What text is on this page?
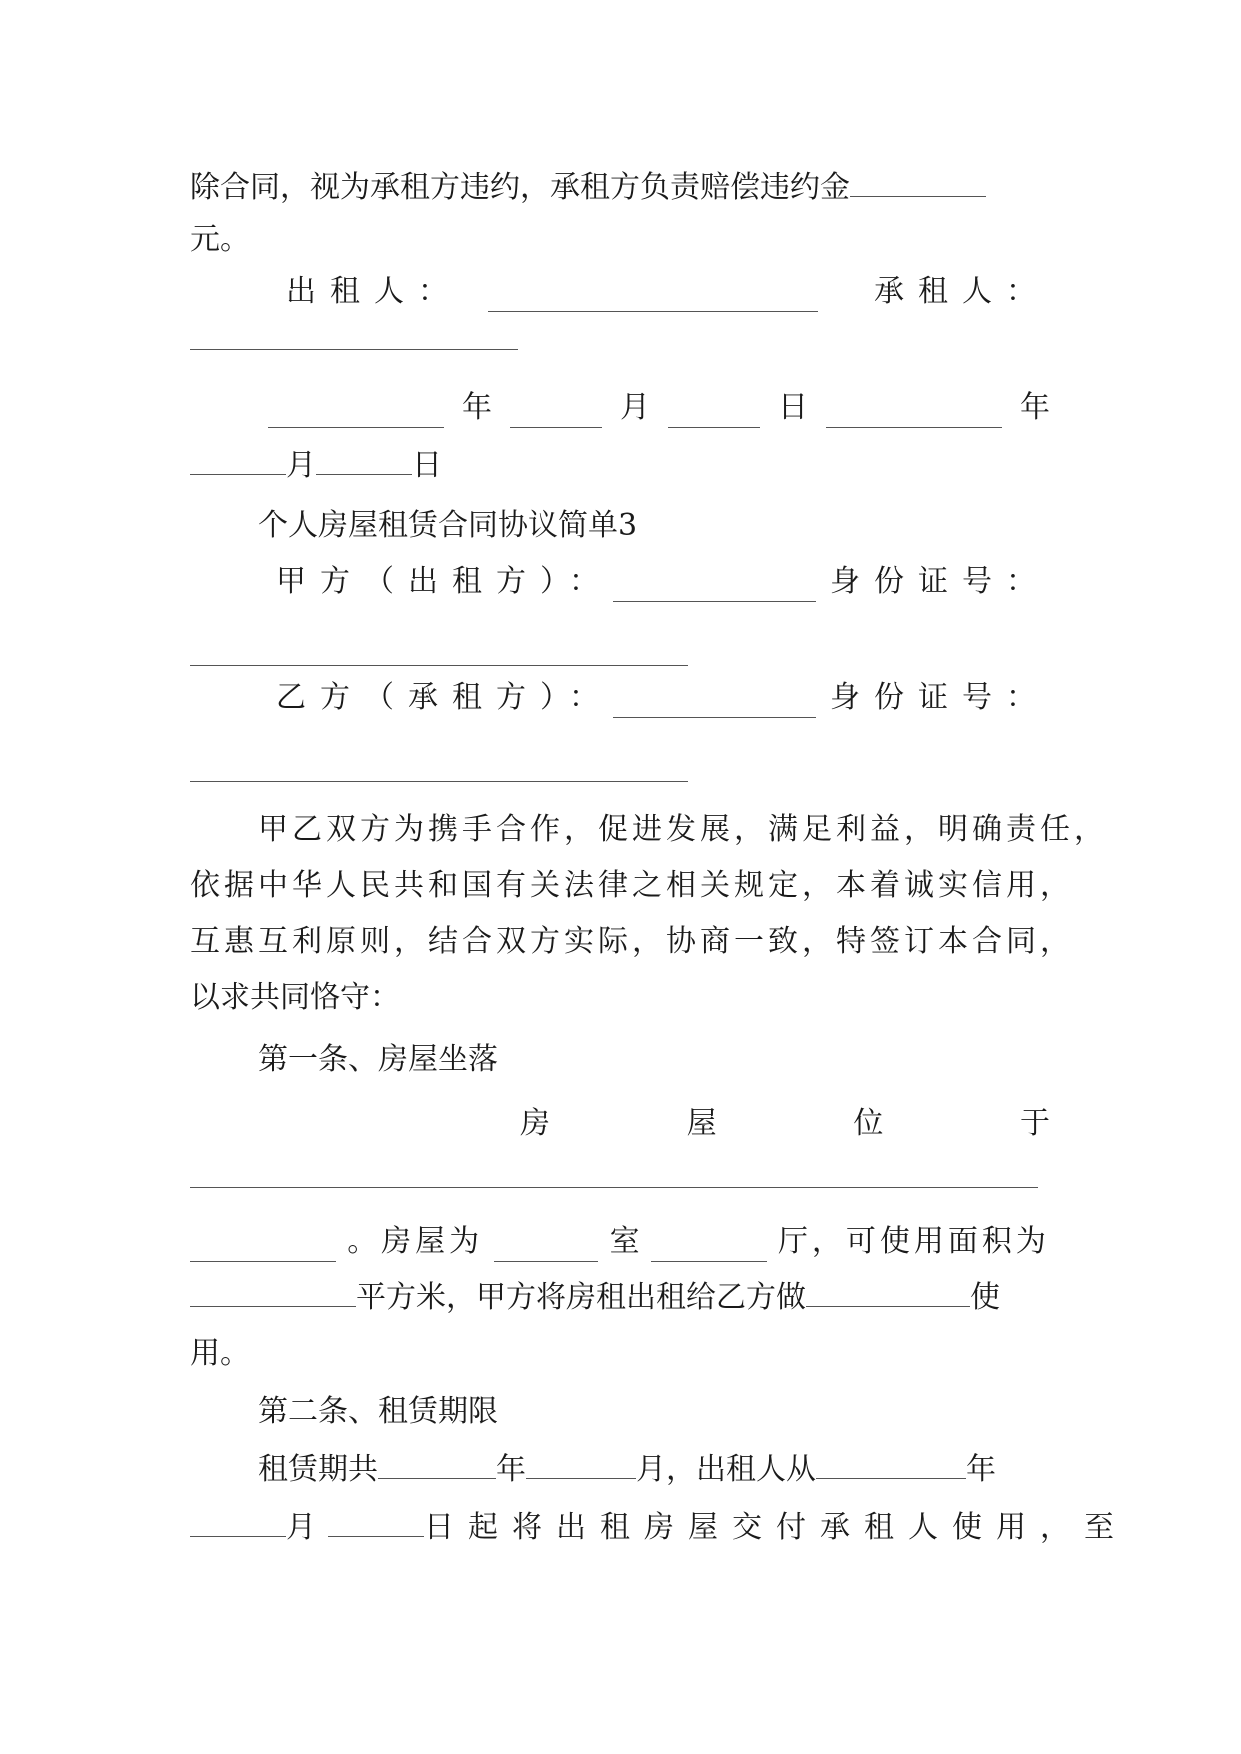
除合同，视为承租方违约，承租方负责赔偿违约金
元。
出租人：	承租人：
年	月	日	年
月	日
个人房屋租赁合同协议简单3
甲方（出租方）：	身份证号：
乙方（承租方）：	身份证号：
甲乙双方为携手合作，促进发展，满足利益，明确责任，
依据中华人民共和国有关法律之相关规定，本着诚实信用，
互惠互利原则，结合双方实际，协商一致，特签订本合同，
以求共同恪守：
第一条、房屋坐落
房	屋	位	于
。房屋为	室	厅，可使用面积为
平方米，甲方将房租出租给乙方做	使
用。
第二条、租赁期限
租赁期共	年	月，出租人从	年
月	日起将出租房屋交付承租人使用，至
